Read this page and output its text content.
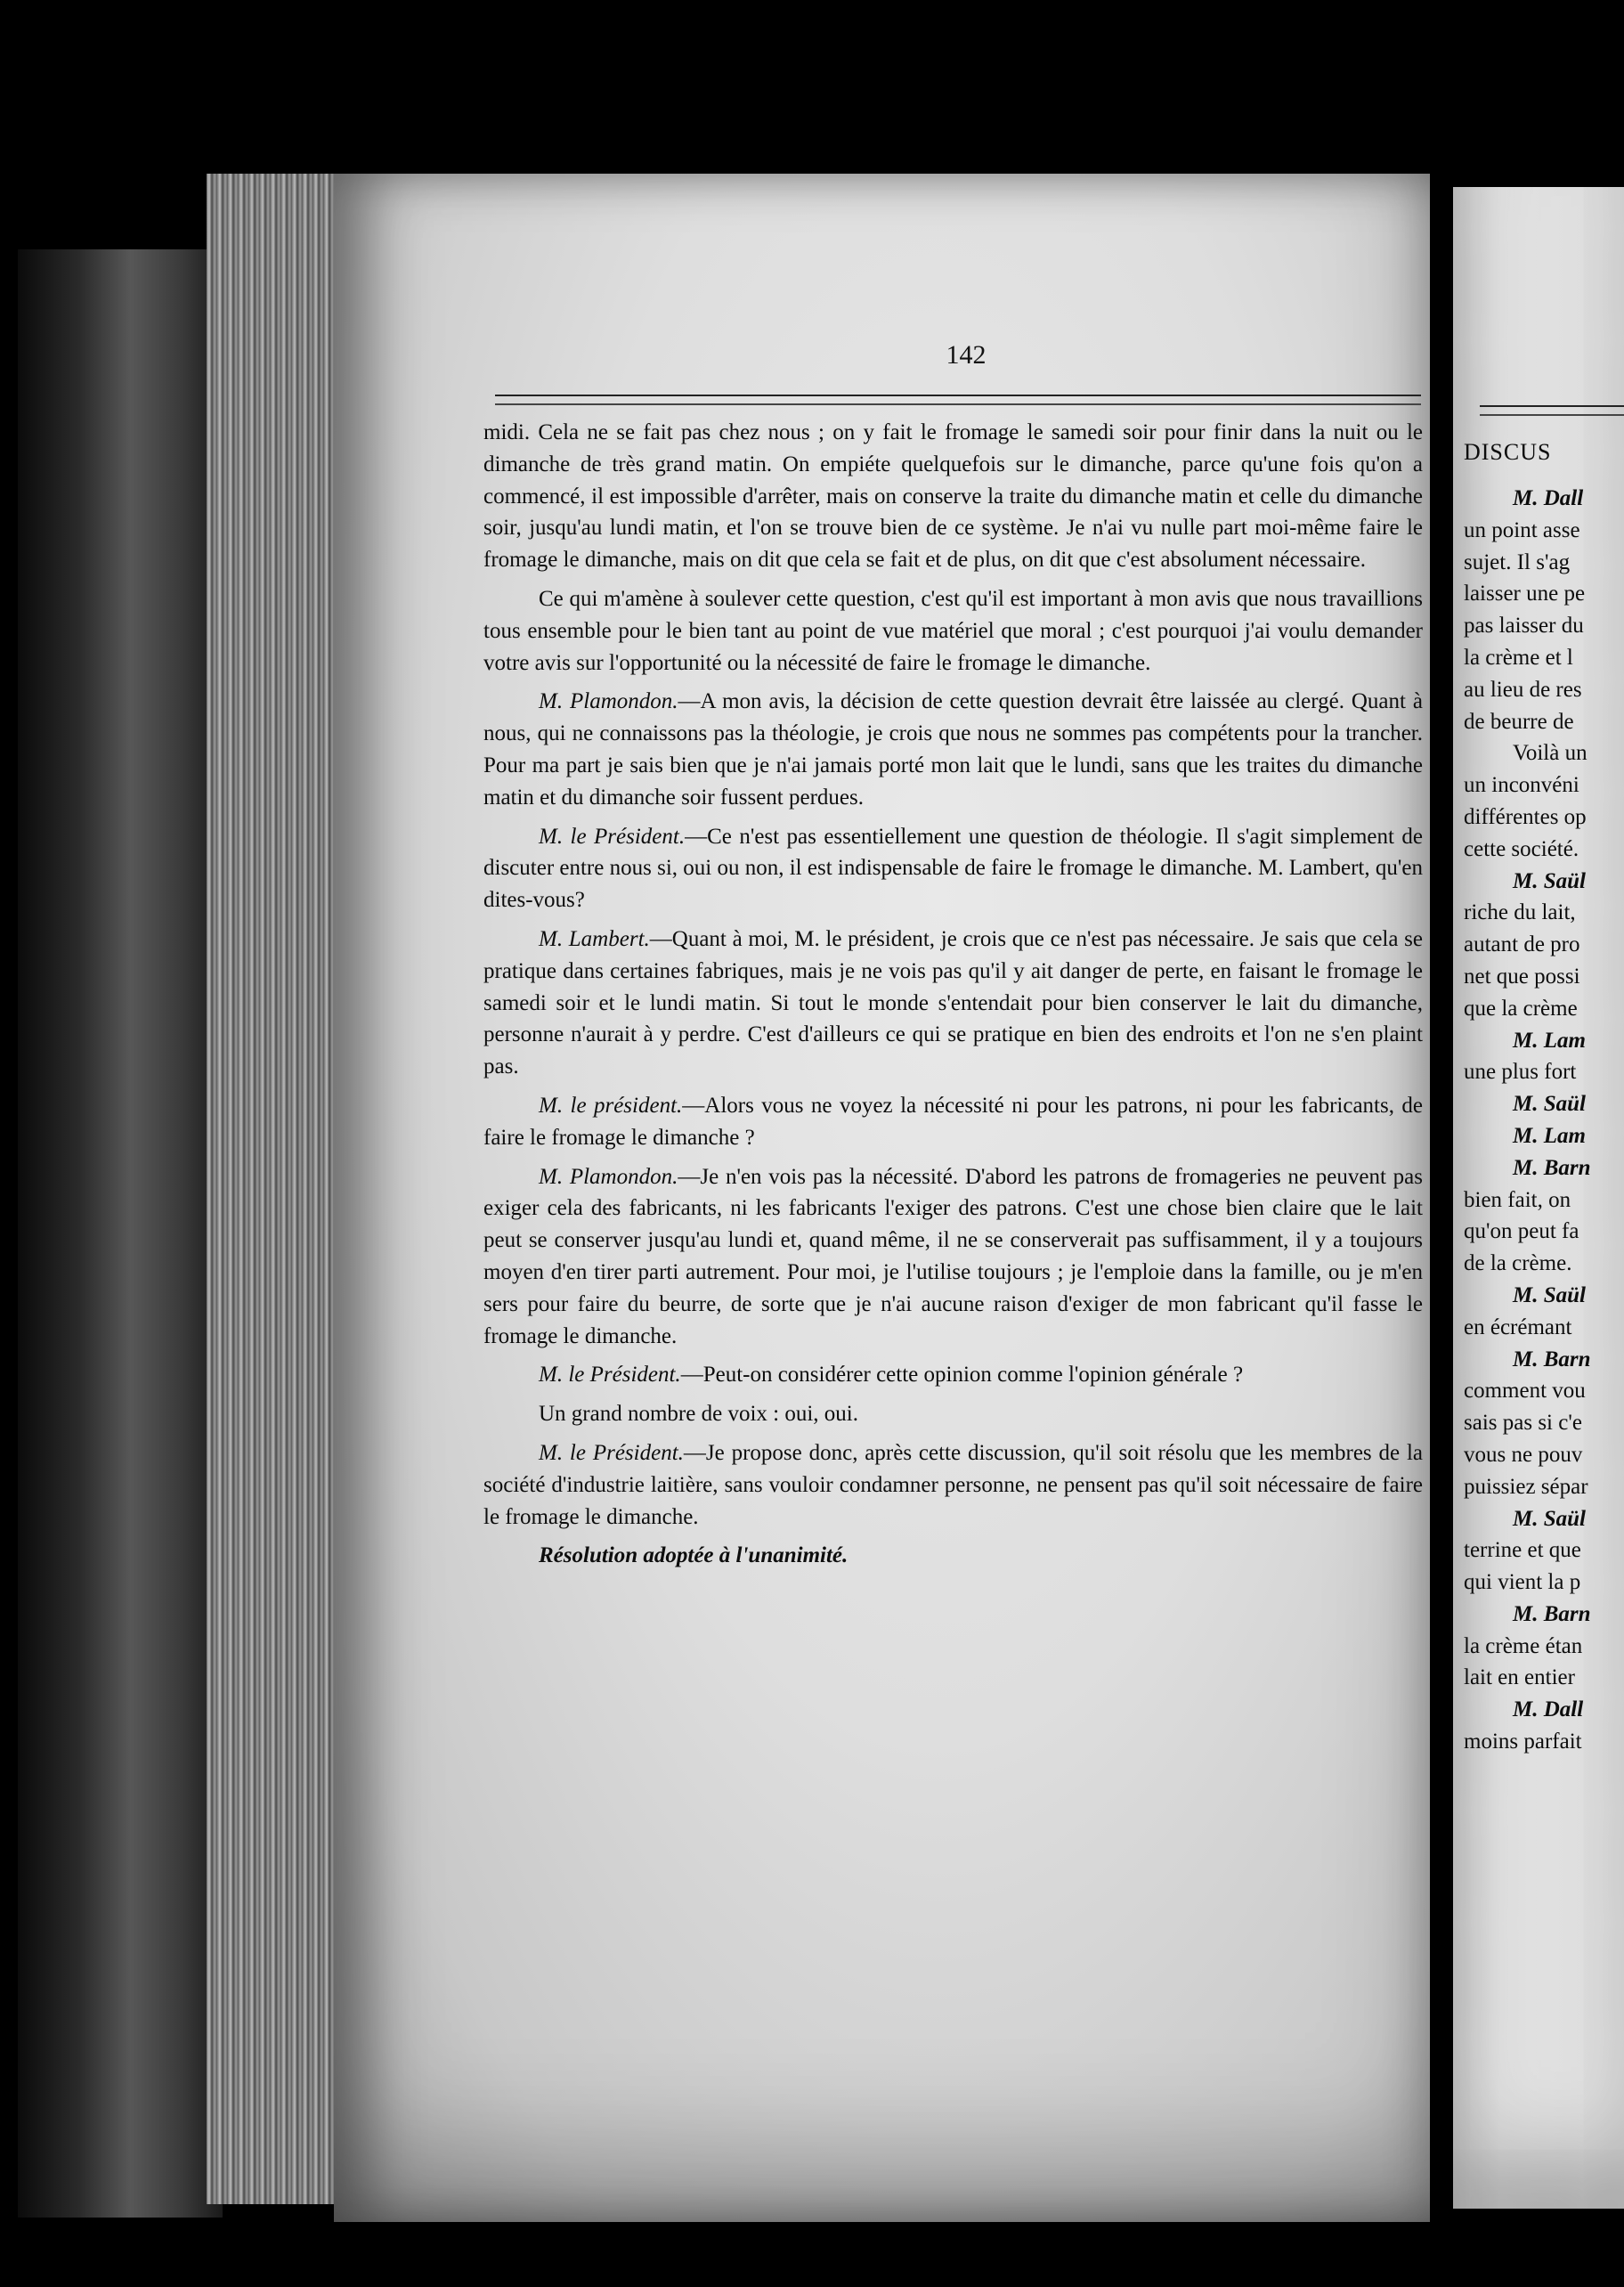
142

midi. Cela ne se fait pas chez nous ; on y fait le fromage le samedi soir pour finir dans la nuit ou le dimanche de très grand matin. On empiéte quelquefois sur le dimanche, parce qu'une fois qu'on a commencé, il est impossible d'arrêter, mais on conserve la traite du dimanche matin et celle du dimanche soir, jusqu'au lundi matin, et l'on se trouve bien de ce système. Je n'ai vu nulle part moi-même faire le fromage le dimanche, mais on dit que cela se fait et de plus, on dit que c'est absolument nécessaire.

Ce qui m'amène à soulever cette question, c'est qu'il est important à mon avis que nous travaillions tous ensemble pour le bien tant au point de vue matériel que moral ; c'est pourquoi j'ai voulu demander votre avis sur l'opportunité ou la nécessité de faire le fromage le dimanche.

M. Plamondon.—A mon avis, la décision de cette question devrait être laissée au clergé. Quant à nous, qui ne connaissons pas la théologie, je crois que nous ne sommes pas compétents pour la trancher. Pour ma part je sais bien que je n'ai jamais porté mon lait que le lundi, sans que les traites du dimanche matin et du dimanche soir fussent perdues.

M. le Président.—Ce n'est pas essentiellement une question de théologie. Il s'agit simplement de discuter entre nous si, oui ou non, il est indispensable de faire le fromage le dimanche. M. Lambert, qu'en dites-vous?

M. Lambert.—Quant à moi, M. le président, je crois que ce n'est pas nécessaire. Je sais que cela se pratique dans certaines fabriques, mais je ne vois pas qu'il y ait danger de perte, en faisant le fromage le samedi soir et le lundi matin. Si tout le monde s'entendait pour bien conserver le lait du dimanche, personne n'aurait à y perdre. C'est d'ailleurs ce qui se pratique en bien des endroits et l'on ne s'en plaint pas.

M. le président.—Alors vous ne voyez la nécessité ni pour les patrons, ni pour les fabricants, de faire le fromage le dimanche ?

M. Plamondon.—Je n'en vois pas la nécessité. D'abord les patrons de fromageries ne peuvent pas exiger cela des fabricants, ni les fabricants l'exiger des patrons. C'est une chose bien claire que le lait peut se conserver jusqu'au lundi et, quand même, il ne se conserverait pas suffisamment, il y a toujours moyen d'en tirer parti autrement. Pour moi, je l'utilise toujours ; je l'emploie dans la famille, ou je m'en sers pour faire du beurre, de sorte que je n'ai aucune raison d'exiger de mon fabricant qu'il fasse le fromage le dimanche.

M. le Président.—Peut-on considérer cette opinion comme l'opinion générale ?

Un grand nombre de voix : oui, oui.

M. le Président.—Je propose donc, après cette discussion, qu'il soit résolu que les membres de la société d'industrie laitière, sans vouloir condamner personne, ne pensent pas qu'il soit nécessaire de faire le fromage le dimanche.

Résolution adoptée à l'unanimité.

DISCUS
M. Dall
un point asse
sujet. Il s'ag
laisser une pe
pas laisser du
la crème et l
au lieu de res
de beurre de
Voilà un
un inconvéni
différentes op
cette société.
M. Saül
riche du lait,
autant de pro
net que possi
que la crème
M. Lam
une plus fort
M. Saül
M. Lam
M. Barn
bien fait, on
qu'on peut fa
de la crème.
M. Saül
en écrémant
M. Barn
comment vou
sais pas si c'e
vous ne pouv
puissiez sépar
M. Saül
terrine et que
qui vient la p
M. Barn
la crème étan
lait en entier
M. Dall
moins parfait
